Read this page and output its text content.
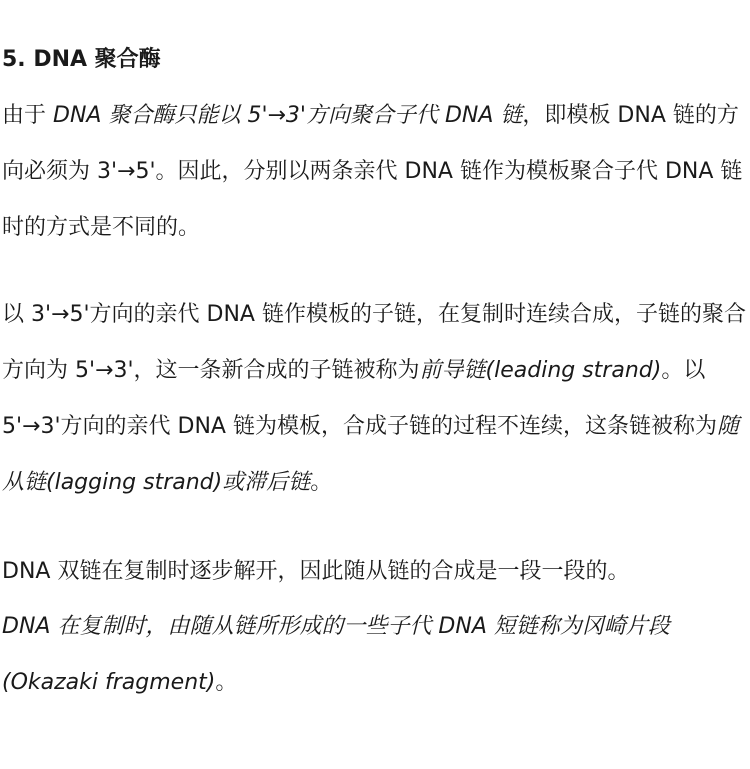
5. DNA 聚合酶

由于 DNA 聚合酶只能以 5'→3'方向聚合子代 DNA 链，即模板 DNA 链的方向必须为 3'→5'。因此，分别以两条亲代 DNA 链作为模板聚合子代 DNA 链时的方式是不同的。

以 3'→5'方向的亲代 DNA 链作模板的子链，在复制时连续合成，子链的聚合方向为 5'→3'，这一条新合成的子链被称为前导链(leading strand)。以 5'→3'方向的亲代 DNA 链为模板，合成子链的过程不连续，这条链被称为随从链(lagging strand)或滞后链。

DNA 双链在复制时逐步解开，因此随从链的合成是一段一段的。

DNA 在复制时，由随从链所形成的一些子代 DNA 短链称为冈崎片段(Okazaki fragment)。
